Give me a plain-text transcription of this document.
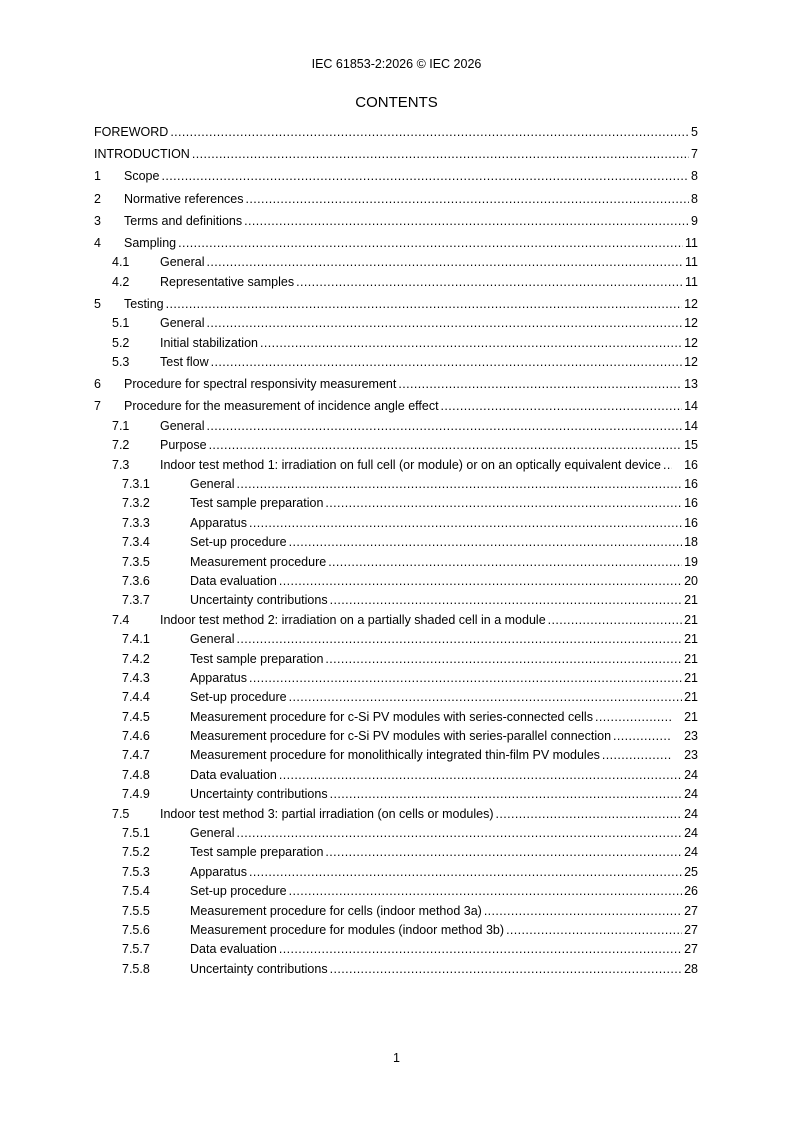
IEC 61853-2:2026 © IEC 2026
CONTENTS
FOREWORD .....	5
INTRODUCTION .....	7
1 Scope .....	8
2 Normative references .....	8
3 Terms and definitions .....	9
4 Sampling .....	11
4.1 General .....	11
4.2 Representative samples .....	11
5 Testing .....	12
5.1 General .....	12
5.2 Initial stabilization .....	12
5.3 Test flow .....	12
6 Procedure for spectral responsivity measurement .....	13
7 Procedure for the measurement of incidence angle effect .....	14
7.1 General .....	14
7.2 Purpose .....	15
7.3 Indoor test method 1: irradiation on full cell (or module) or on an optically equivalent device ..... 16
7.3.1	General .....	16
7.3.2	Test sample preparation .....	16
7.3.3	Apparatus .....	16
7.3.4	Set-up procedure .....	18
7.3.5	Measurement procedure .....	19
7.3.6	Data evaluation .....	20
7.3.7	Uncertainty contributions .....	21
7.4 Indoor test method 2: irradiation on a partially shaded cell in a module .....	21
7.4.1	General .....	21
7.4.2	Test sample preparation .....	21
7.4.3	Apparatus .....	21
7.4.4	Set-up procedure .....	21
7.4.5	Measurement procedure for c-Si PV modules with series-connected cells .....	21
7.4.6	Measurement procedure for c-Si PV modules with series-parallel connection .....	23
7.4.7	Measurement procedure for monolithically integrated thin-film PV modules .....	23
7.4.8	Data evaluation .....	24
7.4.9	Uncertainty contributions .....	24
7.5 Indoor test method 3: partial irradiation (on cells or modules) .....	24
7.5.1	General .....	24
7.5.2	Test sample preparation .....	24
7.5.3	Apparatus .....	25
7.5.4	Set-up procedure .....	26
7.5.5	Measurement procedure for cells (indoor method 3a) .....	27
7.5.6	Measurement procedure for modules (indoor method 3b) .....	27
7.5.7	Data evaluation .....	27
7.5.8	Uncertainty contributions .....	28
1
